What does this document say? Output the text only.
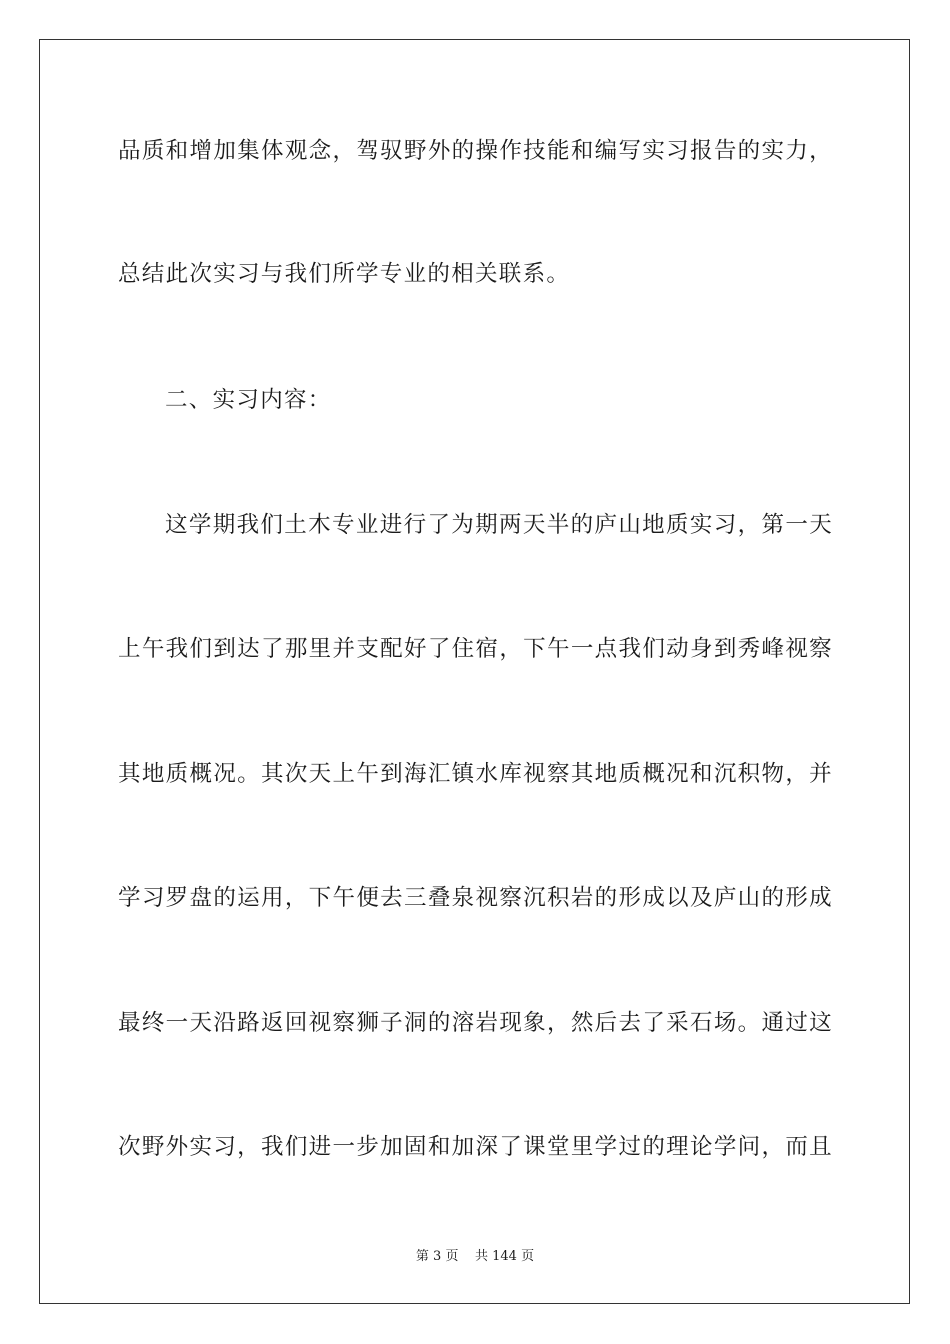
品质和增加集体观念，驾驭野外的操作技能和编写实习报告的实力，
总结此次实习与我们所学专业的相关联系。
二、实习内容：
这学期我们土木专业进行了为期两天半的庐山地质实习，第一天
上午我们到达了那里并支配好了住宿，下午一点我们动身到秀峰视察
其地质概况。其次天上午到海汇镇水库视察其地质概况和沉积物，并
学习罗盘的运用，下午便去三叠泉视察沉积岩的形成以及庐山的形成
最终一天沿路返回视察狮子洞的溶岩现象，然后去了采石场。通过这
次野外实习，我们进一步加固和加深了课堂里学过的理论学问，而且
第 3 页    共 144 页
